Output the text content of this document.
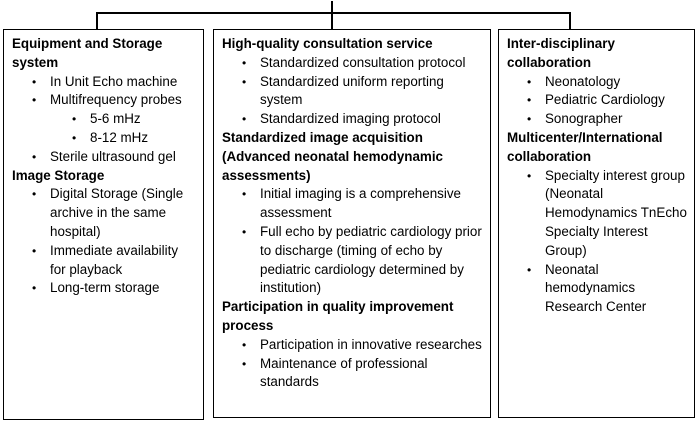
Equipment and Storage system
• In Unit Echo machine
• Multifrequency probes
• 5-6 mHz
• 8-12 mHz
• Sterile ultrasound gel
Image Storage
• Digital Storage (Single archive in the same hospital)
• Immediate availability for playback
• Long-term storage
High-quality consultation service
• Standardized consultation protocol
• Standardized uniform reporting system
• Standardized imaging protocol
Standardized image acquisition (Advanced neonatal hemodynamic assessments)
• Initial imaging is a comprehensive assessment
• Full echo by pediatric cardiology prior to discharge (timing of echo by pediatric cardiology determined by institution)
Participation in quality improvement process
• Participation in innovative researches
• Maintenance of professional standards
Inter-disciplinary collaboration
• Neonatology
• Pediatric Cardiology
• Sonographer
Multicenter/International collaboration
• Specialty interest group (Neonatal Hemodynamics TnEcho Specialty Interest Group)
• Neonatal hemodynamics Research Center
